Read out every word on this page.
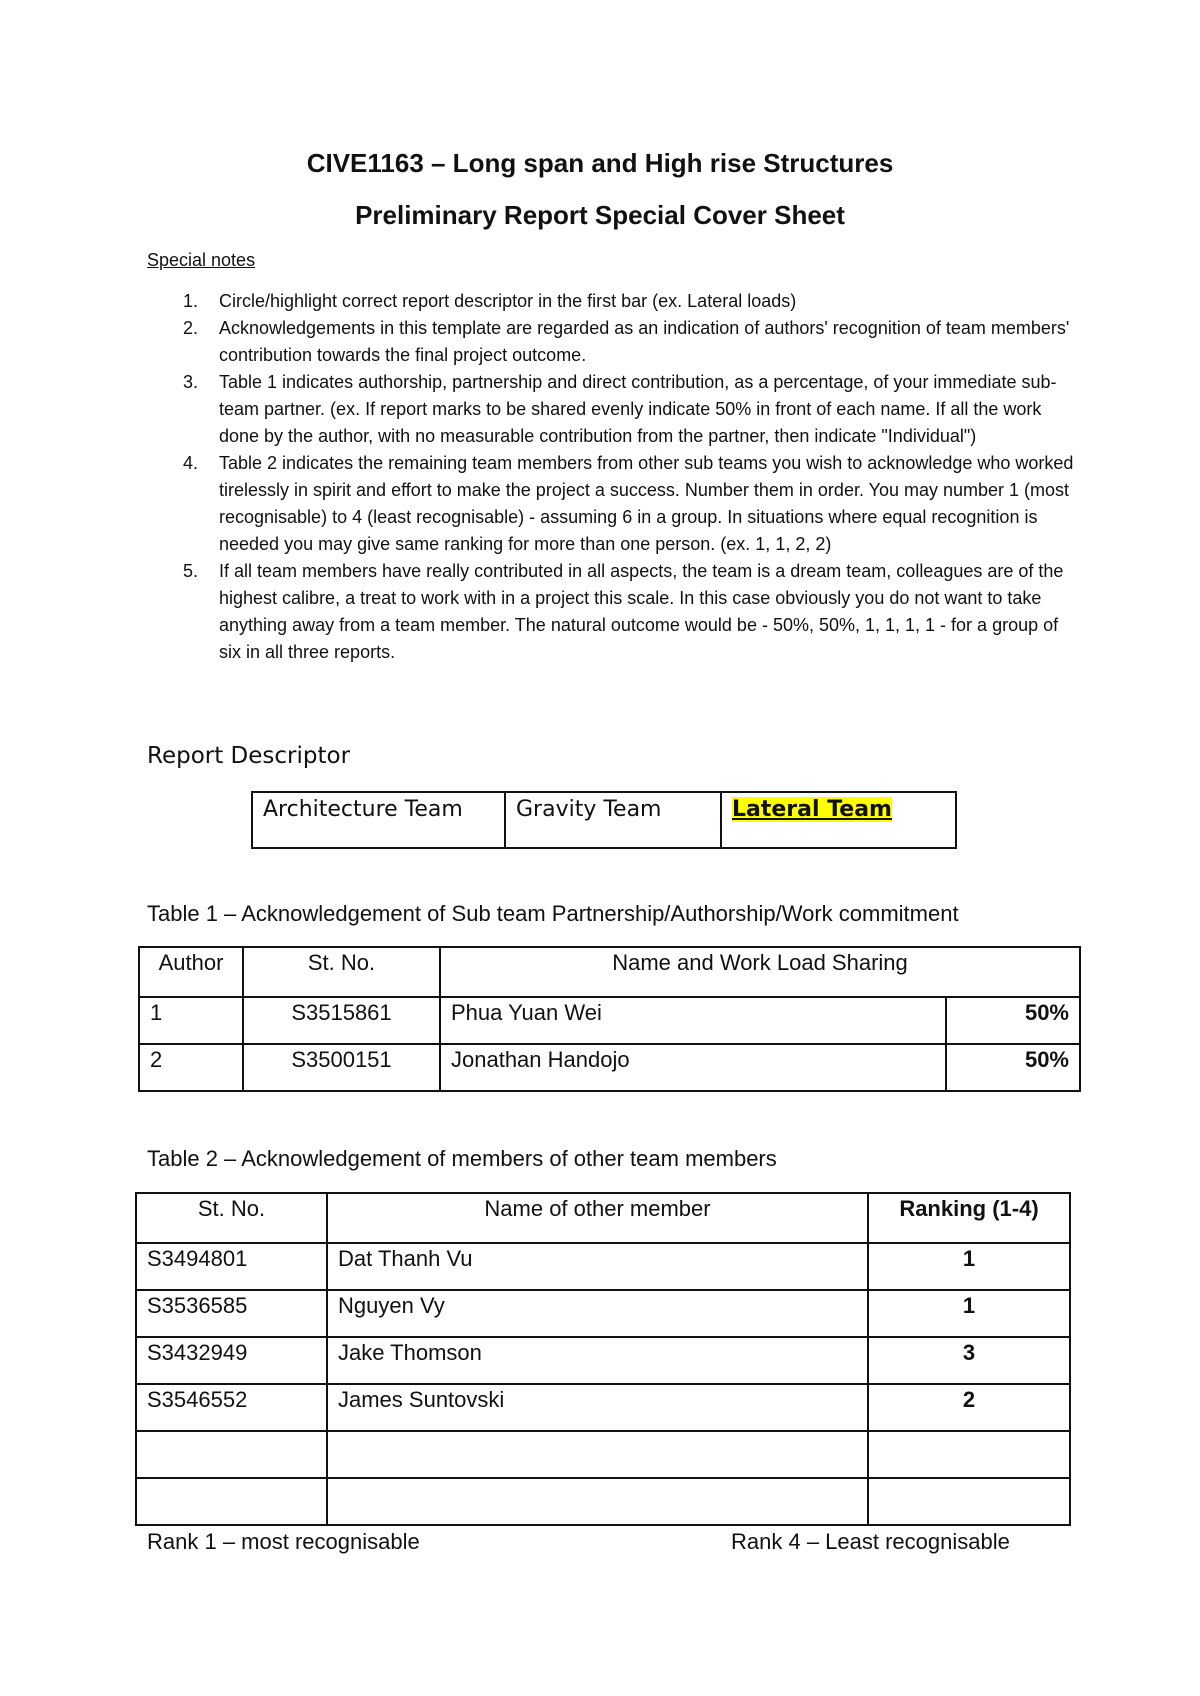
CIVE1163 – Long span and High rise Structures
Preliminary Report Special Cover Sheet
Special notes
1. Circle/highlight correct report descriptor in the first bar (ex. Lateral loads)
2. Acknowledgements in this template are regarded as an indication of authors' recognition of team members' contribution towards the final project outcome.
3. Table 1 indicates authorship, partnership and direct contribution, as a percentage, of your immediate sub-team partner. (ex. If report marks to be shared evenly indicate 50% in front of each name. If all the work done by the author, with no measurable contribution from the partner, then indicate "Individual")
4. Table 2 indicates the remaining team members from other sub teams you wish to acknowledge who worked tirelessly in spirit and effort to make the project a success. Number them in order. You may number 1 (most recognisable) to 4 (least recognisable) - assuming 6 in a group. In situations where equal recognition is needed you may give same ranking for more than one person. (ex. 1, 1, 2, 2)
5. If all team members have really contributed in all aspects, the team is a dream team, colleagues are of the highest calibre, a treat to work with in a project this scale. In this case obviously you do not want to take anything away from a team member. The natural outcome would be - 50%, 50%, 1, 1, 1, 1 - for a group of six in all three reports.
Report Descriptor
Architecture Team	Gravity Team	Lateral Team
Table 1 – Acknowledgement of Sub team Partnership/Authorship/Work commitment
Author	St. No.	Name and Work Load Sharing	
1	S3515861	Phua Yuan Wei	50%
2	S3500151	Jonathan Handojo	50%
Table 2 – Acknowledgement of members of other team members
St. No.	Name of other member	Ranking (1-4)
S3494801	Dat Thanh Vu	1
S3536585	Nguyen Vy	1
S3432949	Jake Thomson	3
S3546552	James Suntovski	2

Rank 1 – most recognisable	Rank 4 – Least recognisable
